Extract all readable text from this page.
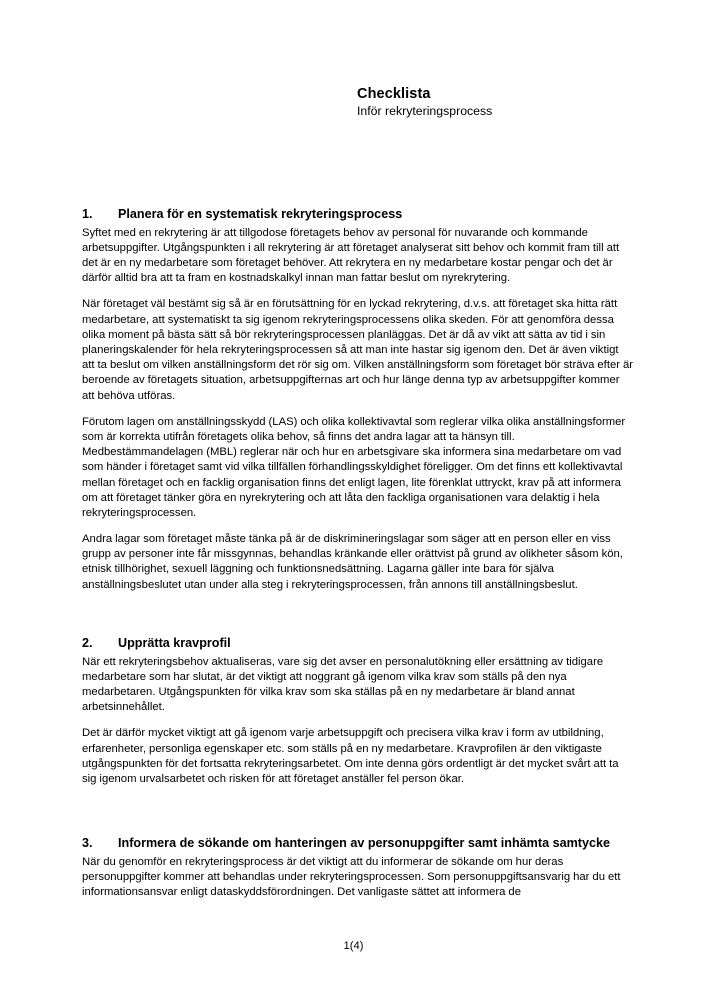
Checklista
Inför rekryteringsprocess
1. Planera för en systematisk rekryteringsprocess

Syftet med en rekrytering är att tillgodose företagets behov av personal för nuvarande och kommande arbetsuppgifter. Utgångspunkten i all rekrytering är att företaget analyserat sitt behov och kommit fram till att det är en ny medarbetare som företaget behöver. Att rekrytera en ny medarbetare kostar pengar och det är därför alltid bra att ta fram en kostnadskalkyl innan man fattar beslut om nyrekrytering.

När företaget väl bestämt sig så är en förutsättning för en lyckad rekrytering, d.v.s. att företaget ska hitta rätt medarbetare, att systematiskt ta sig igenom rekryteringsprocessens olika skeden. För att genomföra dessa olika moment på bästa sätt så bör rekryteringsprocessen planläggas. Det är då av vikt att sätta av tid i sin planeringskalender för hela rekryteringsprocessen så att man inte hastar sig igenom den. Det är även viktigt att ta beslut om vilken anställningsform det rör sig om. Vilken anställningsform som företaget bör sträva efter är beroende av företagets situation, arbetsuppgifternas art och hur länge denna typ av arbetsuppgifter kommer att behöva utföras.

Förutom lagen om anställningsskydd (LAS) och olika kollektivavtal som reglerar vilka olika anställningsformer som är korrekta utifrån företagets olika behov, så finns det andra lagar att ta hänsyn till. Medbestämmandelagen (MBL) reglerar när och hur en arbetsgivare ska informera sina medarbetare om vad som händer i företaget samt vid vilka tillfällen förhandlingsskyldighet föreligger. Om det finns ett kollektivavtal mellan företaget och en facklig organisation finns det enligt lagen, lite förenklat uttryckt, krav på att informera om att företaget tänker göra en nyrekrytering och att låta den fackliga organisationen vara delaktig i hela rekryteringsprocessen.

Andra lagar som företaget måste tänka på är de diskrimineringslagar som säger att en person eller en viss grupp av personer inte får missgynnas, behandlas kränkande eller orättvist på grund av olikheter såsom kön, etnisk tillhörighet, sexuell läggning och funktionsnedsättning. Lagarna gäller inte bara för själva anställningsbeslutet utan under alla steg i rekryteringsprocessen, från annons till anställningsbeslut.

2. Upprätta kravprofil

När ett rekryteringsbehov aktualiseras, vare sig det avser en personalutökning eller ersättning av tidigare medarbetare som har slutat, är det viktigt att noggrant gå igenom vilka krav som ställs på den nya medarbetaren. Utgångspunkten för vilka krav som ska ställas på en ny medarbetare är bland annat arbetsinnehållet.

Det är därför mycket viktigt att gå igenom varje arbetsuppgift och precisera vilka krav i form av utbildning, erfarenheter, personliga egenskaper etc. som ställs på en ny medarbetare. Kravprofilen är den viktigaste utgångspunkten för det fortsatta rekryteringsarbetet. Om inte denna görs ordentligt är det mycket svårt att ta sig igenom urvalsarbetet och risken för att företaget anställer fel person ökar.

3. Informera de sökande om hanteringen av personuppgifter samt inhämta samtycke

När du genomför en rekryteringsprocess är det viktigt att du informerar de sökande om hur deras personuppgifter kommer att behandlas under rekryteringsprocessen. Som personuppgiftsansvarig har du ett informationsansvar enligt dataskyddsförordningen. Det vanligaste sättet att informera de

1(4)
